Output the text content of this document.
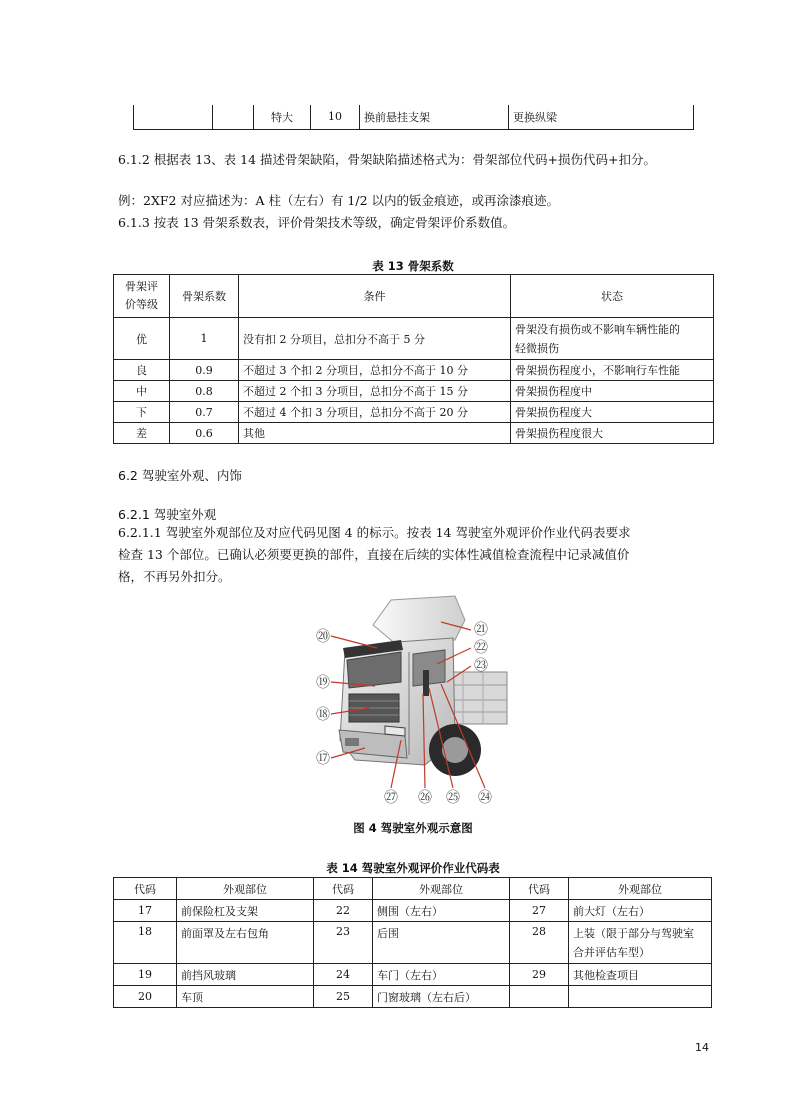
		特大	10	换前悬挂支架	更换纵梁
6.1.2 根据表 13、表 14 描述骨架缺陷，骨架缺陷描述格式为：骨架部位代码+损伤代码+扣分。
例：2XF2 对应描述为：A 柱（左右）有 1/2 以内的钣金痕迹，或再涂漆痕迹。
6.1.3 按表 13 骨架系数表，评价骨架技术等级，确定骨架评价系数值。
表 13 骨架系数
骨架评
价等级	骨架系数	条件	状态
优	1	没有扣 2 分项目，总扣分不高于 5 分	骨架没有损伤或不影响车辆性能的
轻微损伤

良	0.9	不超过 3 个扣 2 分项目，总扣分不高于 10 分	骨架损伤程度小，不影响行车性能
中	0.8	不超过 2 个扣 3 分项目，总扣分不高于 15 分	骨架损伤程度中
下	0.7	不超过 4 个扣 3 分项目，总扣分不高于 20 分	骨架损伤程度大
差	0.6	其他	骨架损伤程度很大
6.2 驾驶室外观、内饰
6.2.1 驾驶室外观
6.2.1.1 驾驶室外观部位及对应代码见图 4 的标示。按表 14 驾驶室外观评价作业代码表要求
检查 13 个部位。已确认必须要更换的部件，直接在后续的实体性减值检查流程中记录减值价
格，不再另外扣分。
⑳	㉑
㉒
㉓
⑲
⑱
⑰
㉗ ㉖ ㉕ ㉔
图 4 驾驶室外观示意图
表 14 驾驶室外观评价作业代码表
代码	外观部位	代码	外观部位	代码	外观部位
17	前保险杠及支架	22	侧围（左右）	27	前大灯（左右）
18	前面罩及左右包角	23	后围	28	上装（限于部分与驾驶室
合并评估车型）

19	前挡风玻璃	24	车门（左右）	29	其他检查项目
20	车顶	25	门窗玻璃（左右后）		
14
